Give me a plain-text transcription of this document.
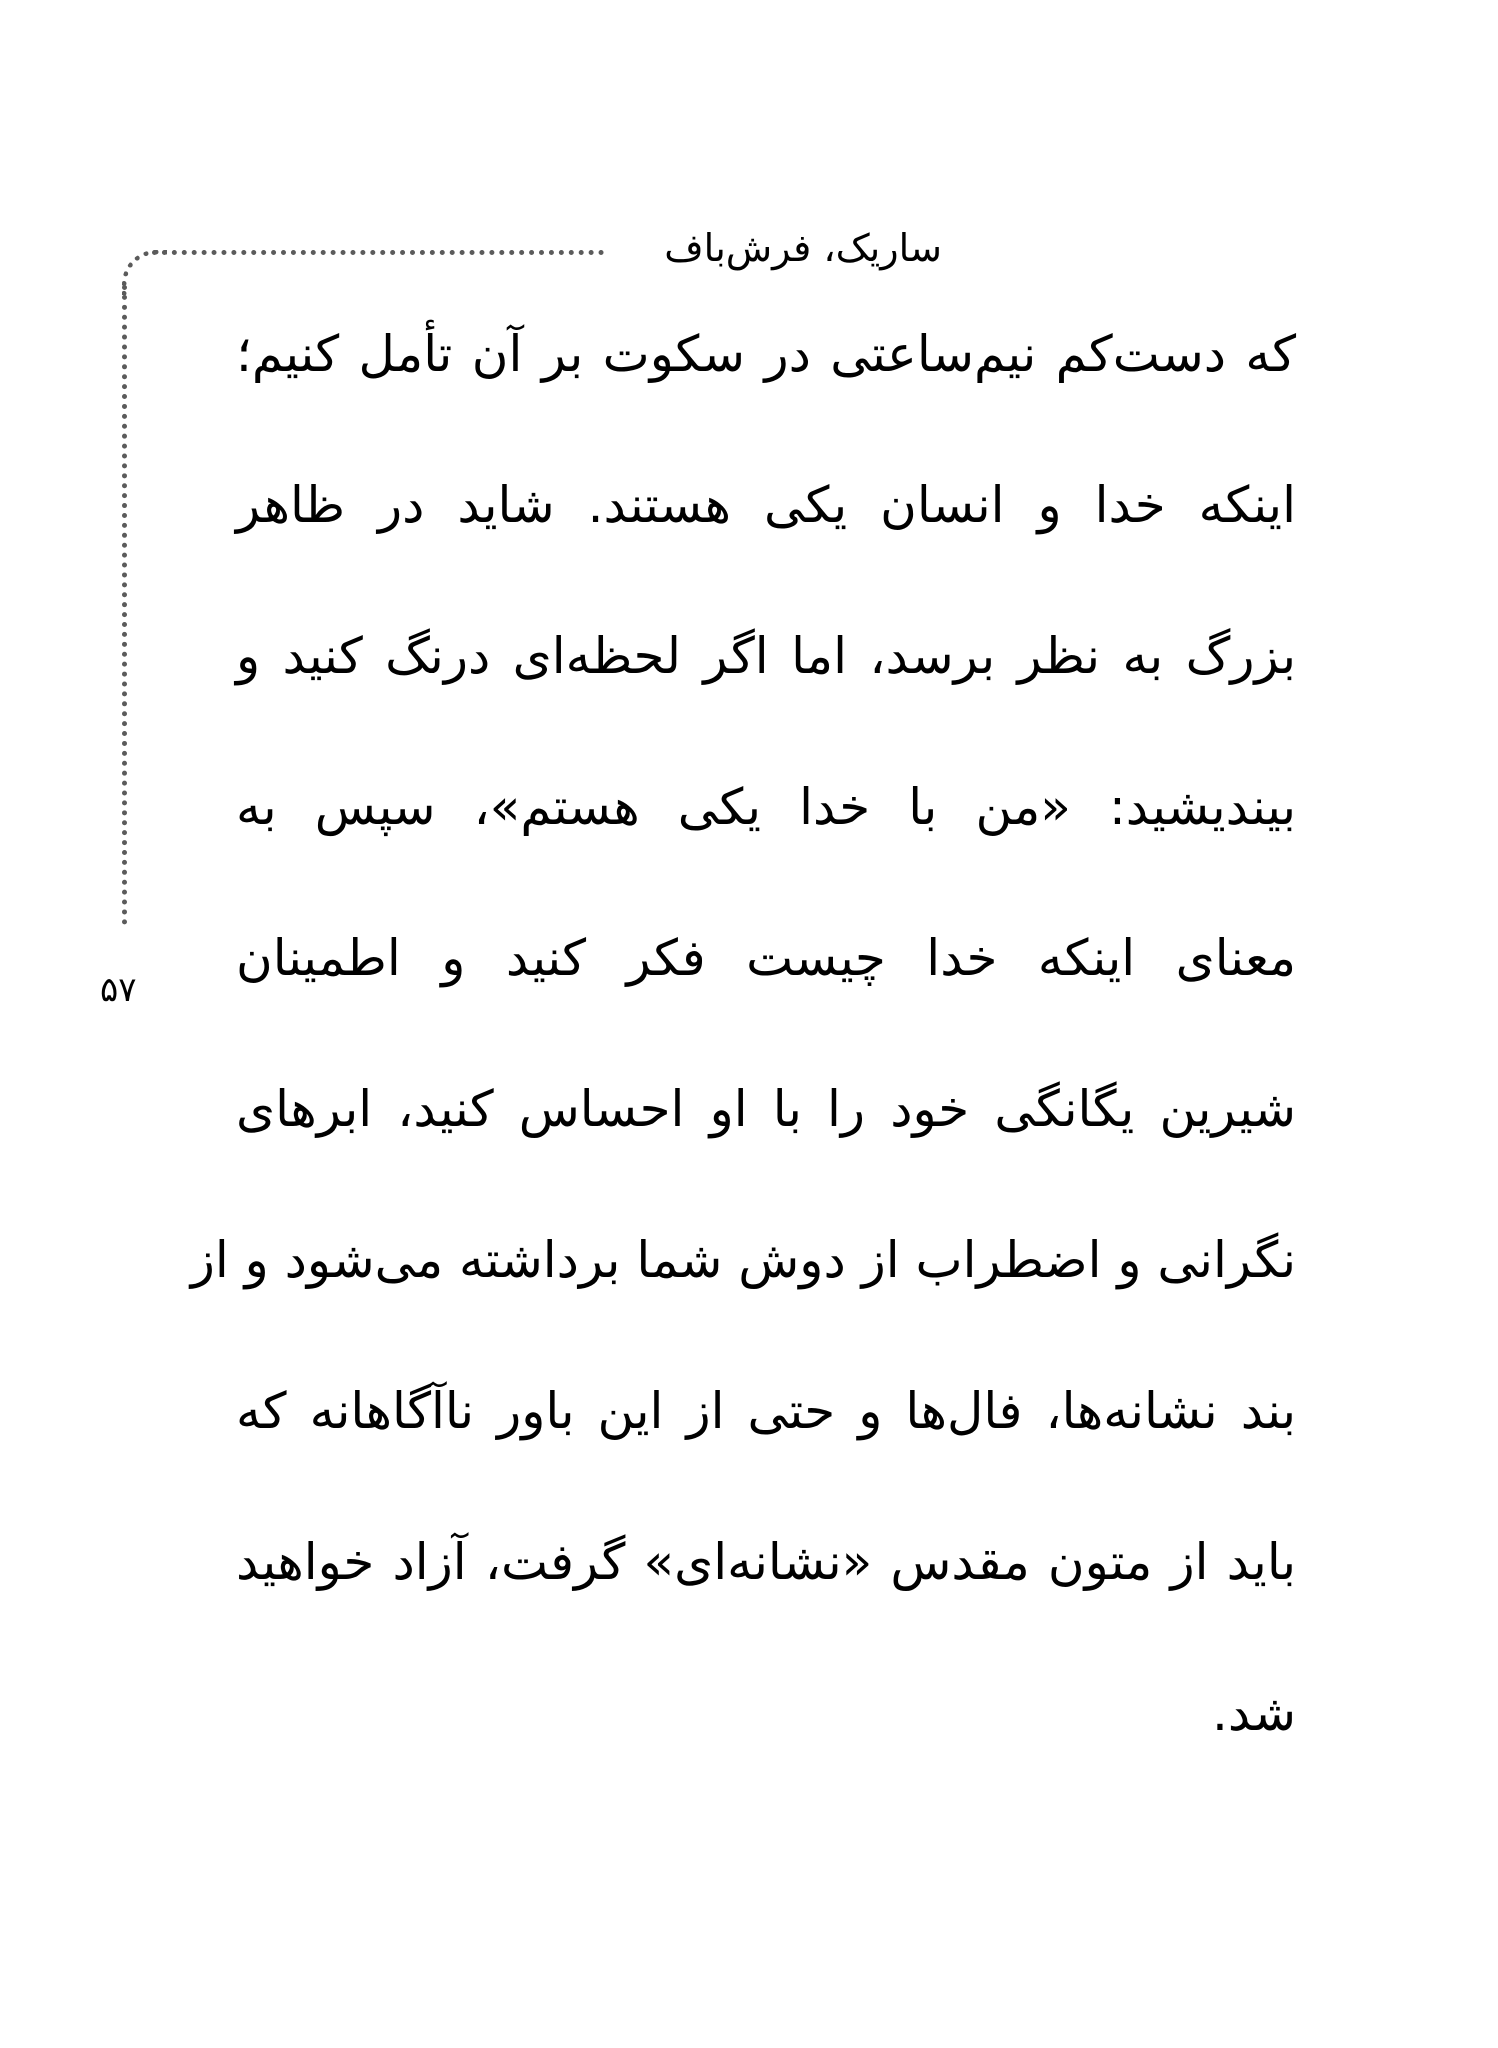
ساریک، فرش‌باف
۵۷
که دست‌کم نیم‌ساعتی در سکوت بر آن تأمل کنیم؛
اینکه خدا و انسان یکی هستند. شاید در ظاهر
بزرگ به نظر برسد، اما اگر لحظه‌ای درنگ کنید و
بیندیشید: «من با خدا یکی هستم»، سپس به
معنای اینکه خدا چیست فکر کنید و اطمینان
شیرین یگانگی خود را با او احساس کنید، ابرهای
نگرانی و اضطراب از دوش شما برداشته می‌شود و از
بند نشانه‌ها، فال‌ها و حتی از این باور ناآگاهانه که
باید از متون مقدس «نشانه‌ای» گرفت، آزاد خواهید
شد.
